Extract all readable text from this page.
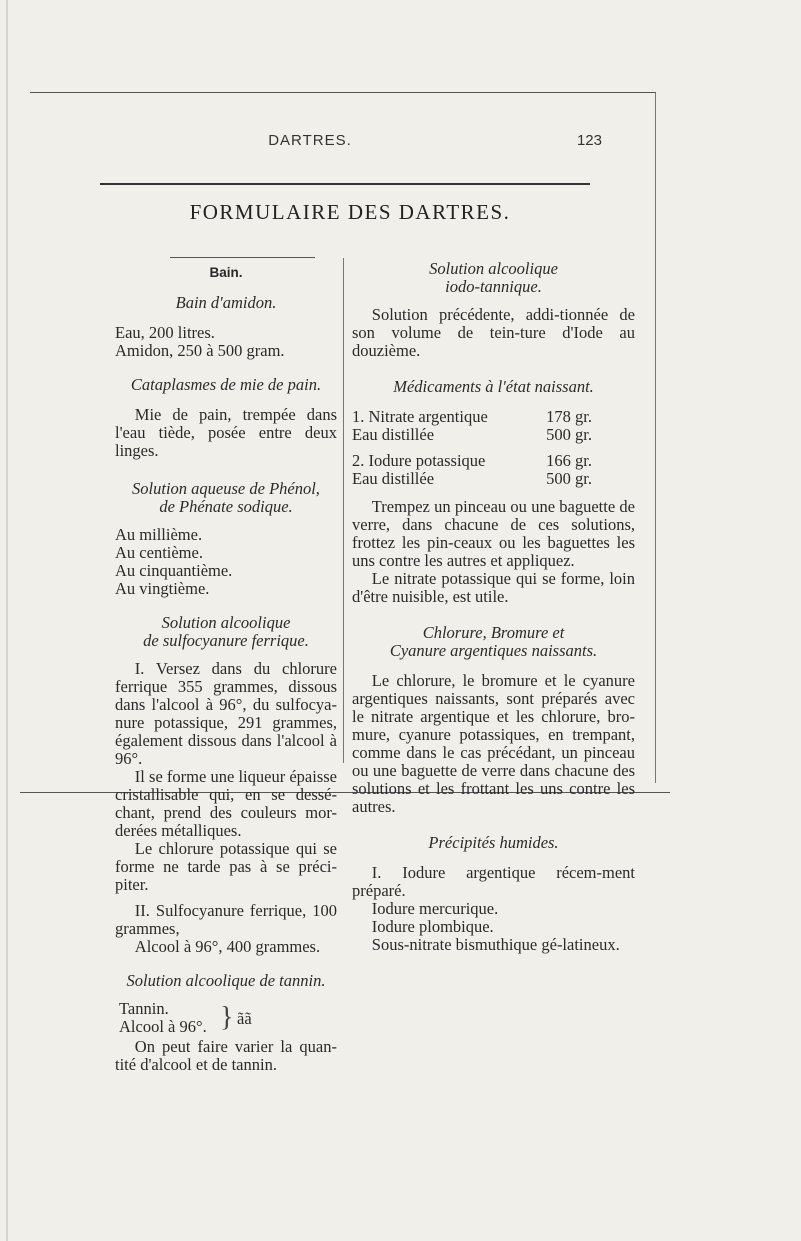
DARTRES.	123
FORMULAIRE DES DARTRES.

Bain.

Bain d'amidon.

Eau, 200 litres.

Amidon, 250 à 500 gram.

Cataplasmes de mie de pain.

Mie de pain, trempée dans l'eau tiède, posée entre deux linges.

Solution aqueuse de Phénol,

de Phénate sodique.

Au millième.

Au centième.

Au cinquantième.

Au vingtième.

Solution alcoolique

de sulfocyanure ferrique.

I. Versez dans du chlorure ferrique 355 grammes, dissous dans l'alcool à 96°, du sulfocya-nure potassique, 291 grammes, également dissous dans l'alcool à 96°.

Il se forme une liqueur épaisse cristallisable qui, en se dessé-chant, prend des couleurs mor-derées métalliques.

Le chlorure potassique qui se forme ne tarde pas à se préci-piter.

II. Sulfocyanure ferrique, 100 grammes,

Alcool à 96°, 400 grammes.

Solution alcoolique de tannin.

Tannin.
Alcool à 96°. } ãã

On peut faire varier la quan-tité d'alcool et de tannin.

Solution alcoolique

iodo-tannique.

Solution précédente, addi-tionnée de son volume de tein-ture d'Iode au douzième.

Médicaments à l'état naissant.

1. Nitrate argentique	178 gr.
Eau distillée	500 gr.
2. Iodure potassique	166 gr.
Eau distillée	500 gr.

Trempez un pinceau ou une baguette de verre, dans chacune de ces solutions, frottez les pin-ceaux ou les baguettes les uns contre les autres et appliquez.

Le nitrate potassique qui se forme, loin d'être nuisible, est utile.

Chlorure, Bromure et

Cyanure argentiques naissants.

Le chlorure, le bromure et le cyanure argentiques naissants, sont préparés avec le nitrate argentique et les chlorure, bro-mure, cyanure potassiques, en trempant, comme dans le cas précédant, un pinceau ou une baguette de verre dans chacune des solutions et les frottant les uns contre les autres.

Précipités humides.

I. Iodure argentique récem-ment préparé.

Iodure mercurique.

Iodure plombique.

Sous-nitrate bismuthique gé-latineux.
